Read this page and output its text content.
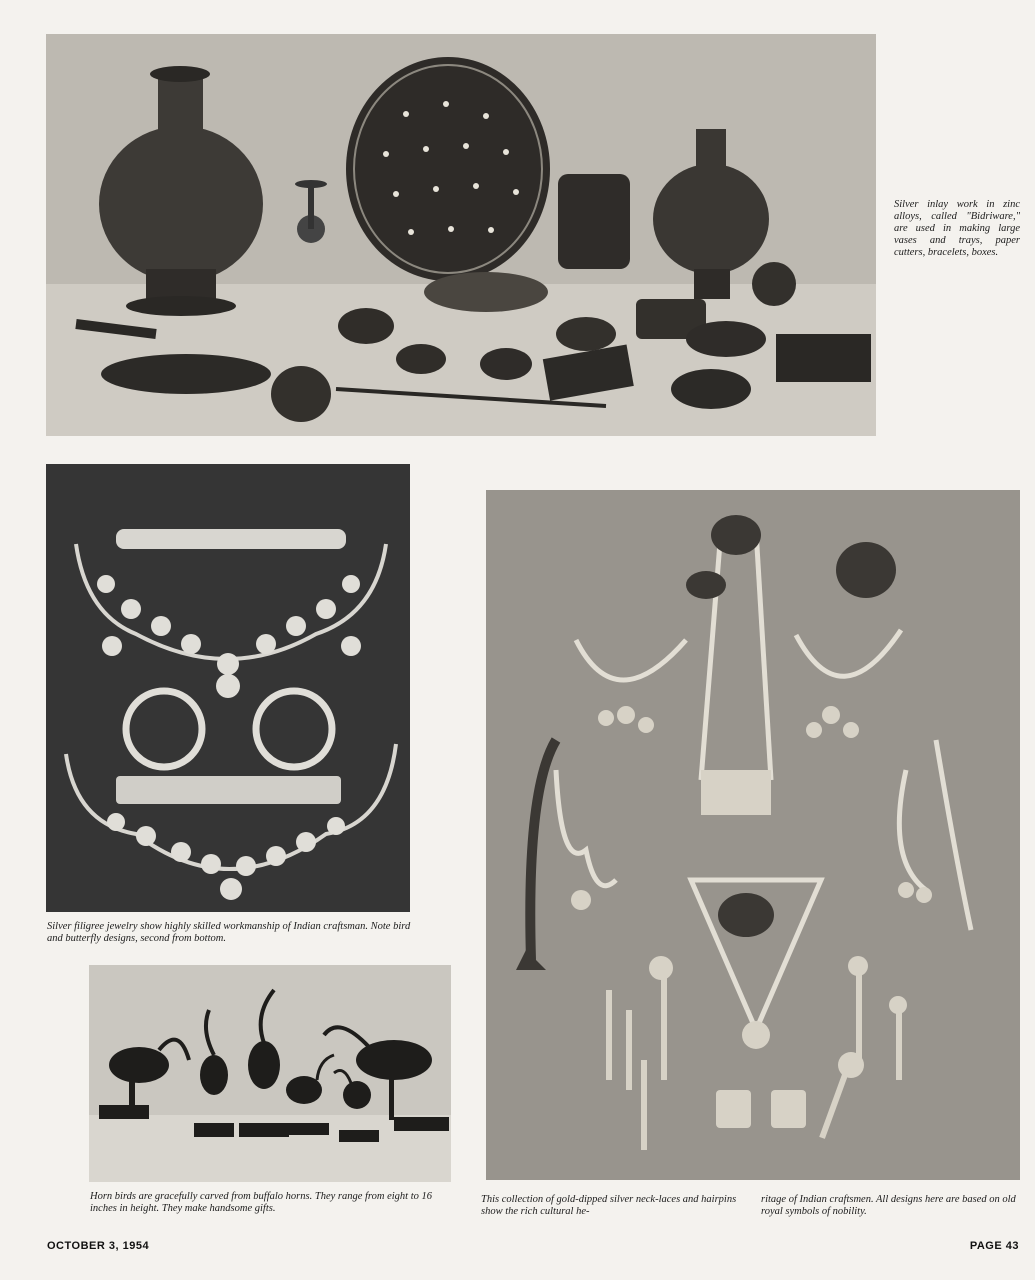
Silver inlay work in zinc alloys, called "Bidriware," are used in making large vases and trays, paper cutters, bracelets, boxes.

Silver filigree jewelry show highly skilled workmanship of Indian craftsman. Note bird and butterfly designs, second from bottom.

Horn birds are gracefully carved from buffalo horns. They range from eight to 16 inches in height. They make handsome gifts.

This collection of gold-dipped silver neck-laces and hairpins show the rich cultural he-

ritage of Indian craftsmen. All designs here are based on old royal symbols of nobility.

OCTOBER 3, 1954	PAGE 43
